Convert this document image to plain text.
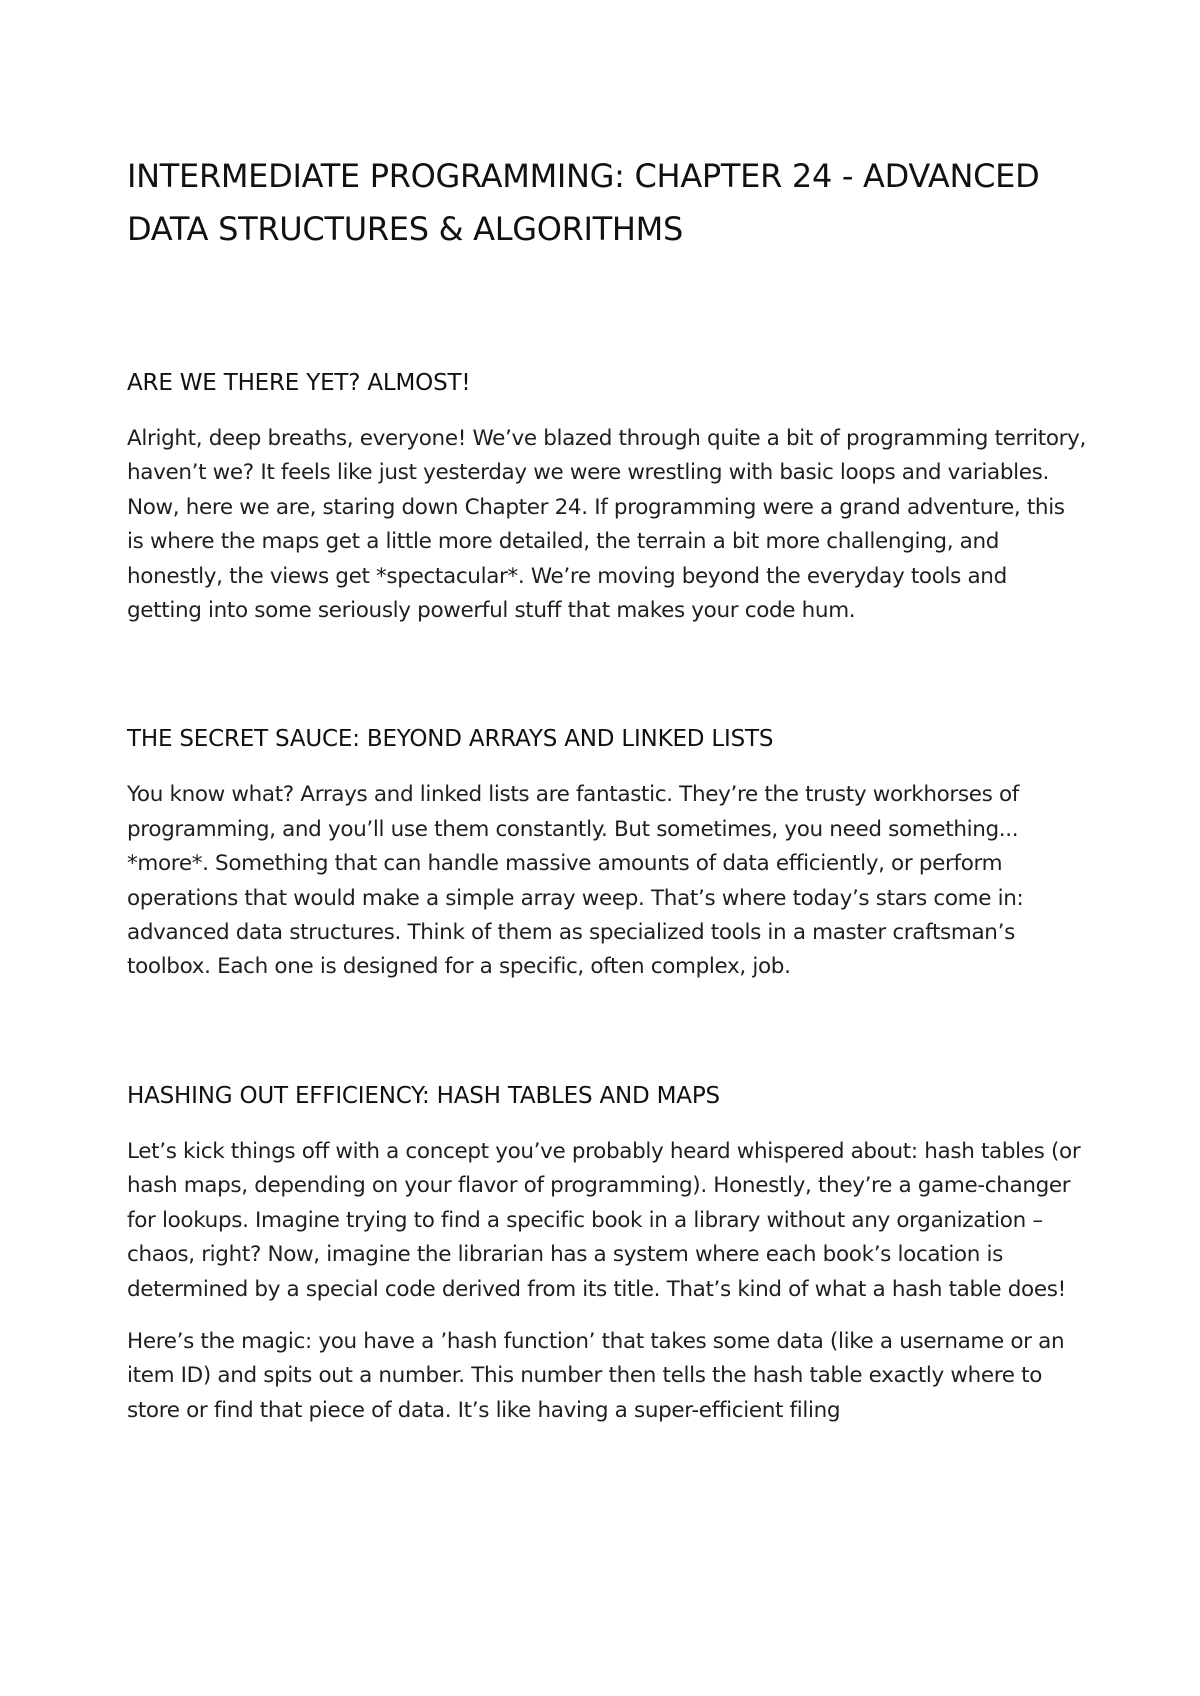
INTERMEDIATE PROGRAMMING: CHAPTER 24 - ADVANCED DATA STRUCTURES & ALGORITHMS
ARE WE THERE YET? ALMOST!

Alright, deep breaths, everyone! We’ve blazed through quite a bit of programming territory, haven’t we? It feels like just yesterday we were wrestling with basic loops and variables. Now, here we are, staring down Chapter 24. If programming were a grand adventure, this is where the maps get a little more detailed, the terrain a bit more challenging, and honestly, the views get *spectacular*. We’re moving beyond the everyday tools and getting into some seriously powerful stuff that makes your code hum.

THE SECRET SAUCE: BEYOND ARRAYS AND LINKED LISTS

You know what? Arrays and linked lists are fantastic. They’re the trusty workhorses of programming, and you’ll use them constantly. But sometimes, you need something... *more*. Something that can handle massive amounts of data efficiently, or perform operations that would make a simple array weep. That’s where today’s stars come in: advanced data structures. Think of them as specialized tools in a master craftsman’s toolbox. Each one is designed for a specific, often complex, job.

HASHING OUT EFFICIENCY: HASH TABLES AND MAPS

Let’s kick things off with a concept you’ve probably heard whispered about: hash tables (or hash maps, depending on your flavor of programming). Honestly, they’re a game-changer for lookups. Imagine trying to find a specific book in a library without any organization – chaos, right? Now, imagine the librarian has a system where each book’s location is determined by a special code derived from its title. That’s kind of what a hash table does!

Here’s the magic: you have a ’hash function’ that takes some data (like a username or an item ID) and spits out a number. This number then tells the hash table exactly where to store or find that piece of data. It’s like having a super-efficient filing
